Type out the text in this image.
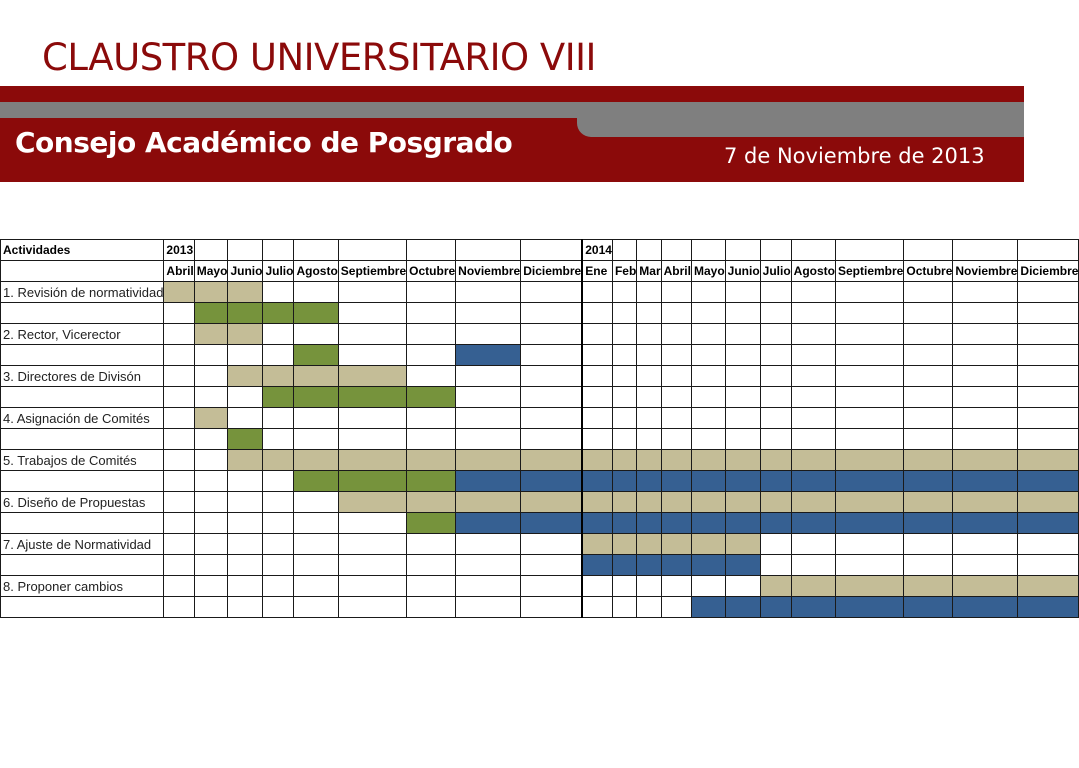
CLAUSTRO UNIVERSITARIO VIII
Consejo Académico de Posgrado	7 de Noviembre de 2013
Actividades	2013									2014											
	Abril	Mayo	Junio	Julio	Agosto	Septiembre	Octubre	Noviembre	Diciembre	Ene	Feb	Mar	Abril	Mayo	Junio	Julio	Agosto	Septiembre	Octubre	Noviembre	Diciembre
1. Revisión de normatividad																					

2. Rector, Vicerector																					

3. Directores de Divisón																					

4. Asignación de Comités																					

5. Trabajos de Comités																					

6. Diseño de Propuestas																					

7. Ajuste de Normatividad																					

8. Proponer cambios																					
